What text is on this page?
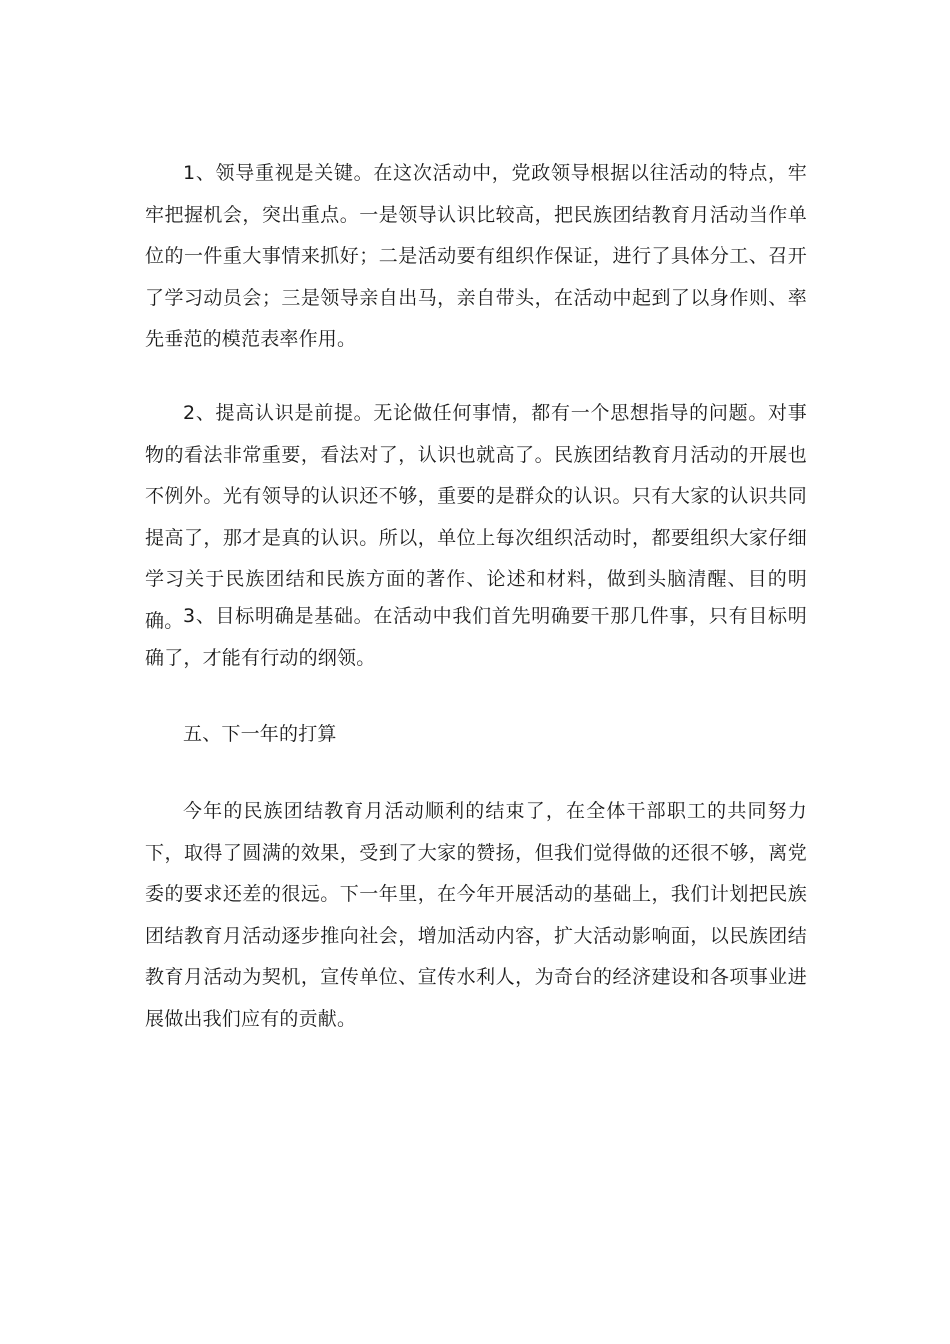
1、领导重视是关键。在这次活动中，党政领导根据以往活动的特点，牢牢把握机会，突出重点。一是领导认识比较高，把民族团结教育月活动当作单位的一件重大事情来抓好；二是活动要有组织作保证，进行了具体分工、召开了学习动员会；三是领导亲自出马，亲自带头，在活动中起到了以身作则、率先垂范的模范表率作用。

2、提高认识是前提。无论做任何事情，都有一个思想指导的问题。对事物的看法非常重要，看法对了，认识也就高了。民族团结教育月活动的开展也不例外。光有领导的认识还不够，重要的是群众的认识。只有大家的认识共同提高了，那才是真的认识。所以，单位上每次组织活动时，都要组织大家仔细学习关于民族团结和民族方面的著作、论述和材料，做到头脑清醒、目的明确。 3、目标明确是基础。在活动中我们首先明确要干那几件事，只有目标明确了，才能有行动的纲领。

五、下一年的打算

今年的民族团结教育月活动顺利的结束了，在全体干部职工的共同努力下，取得了圆满的效果，受到了大家的赞扬，但我们觉得做的还很不够，离党委的要求还差的很远。下一年里，在今年开展活动的基础上，我们计划把民族团结教育月活动逐步推向社会，增加活动内容，扩大活动影响面，以民族团结教育月活动为契机，宣传单位、宣传水利人，为奇台的经济建设和各项事业进展做出我们应有的贡献。
